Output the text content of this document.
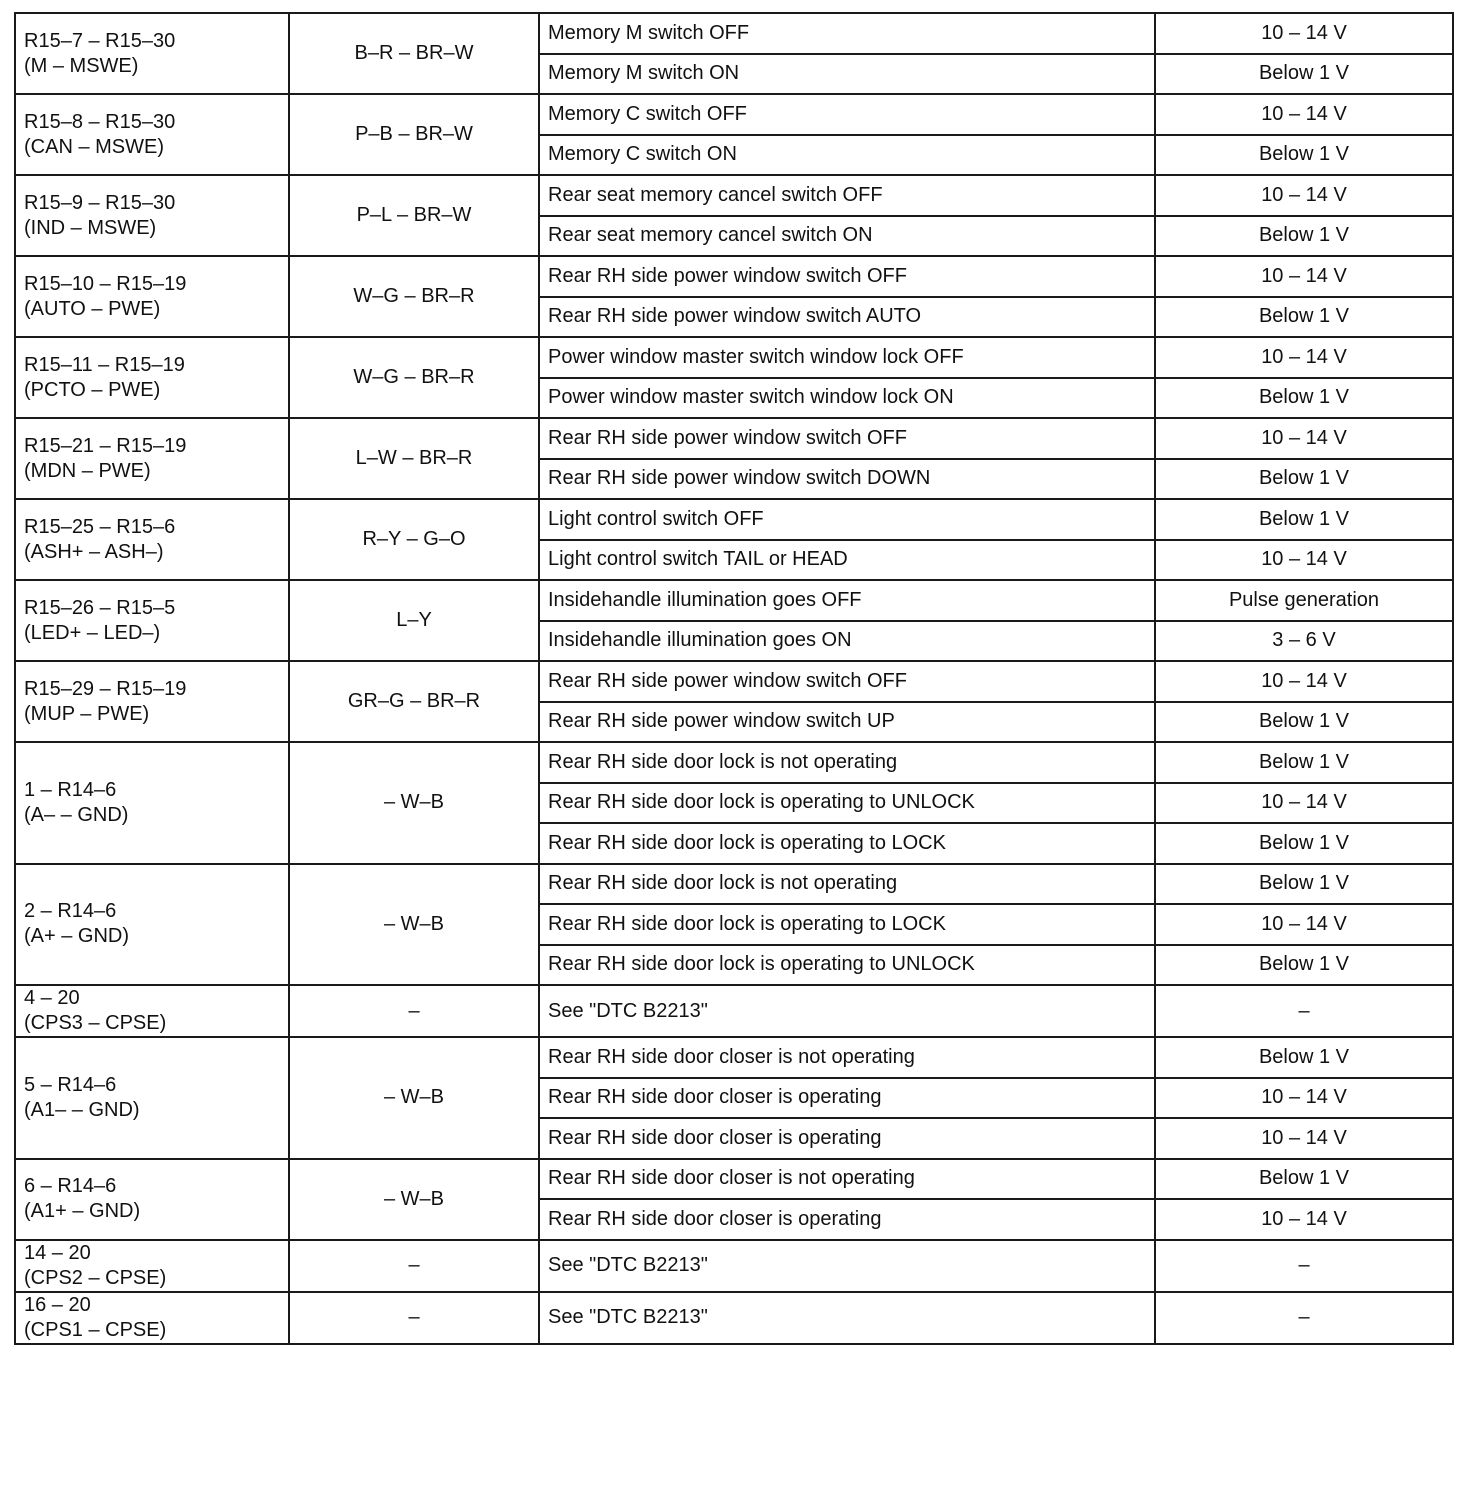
R15–7 – R15–30
(M – MSWE)	B–R – BR–W	Memory M switch OFF	10 – 14 V
		Memory M switch ON	Below 1 V

R15–8 – R15–30
(CAN – MSWE)	P–B – BR–W	Memory C switch OFF	10 – 14 V
		Memory C switch ON	Below 1 V

R15–9 – R15–30
(IND – MSWE)	P–L – BR–W	Rear seat memory cancel switch OFF	10 – 14 V
		Rear seat memory cancel switch ON	Below 1 V

R15–10 – R15–19
(AUTO – PWE)	W–G – BR–R	Rear RH side power window switch OFF	10 – 14 V
		Rear RH side power window switch AUTO	Below 1 V

R15–11 – R15–19
(PCTO – PWE)	W–G – BR–R	Power window master switch window lock OFF	10 – 14 V
		Power window master switch window lock ON	Below 1 V

R15–21 – R15–19
(MDN – PWE)	L–W – BR–R	Rear RH side power window switch OFF	10 – 14 V
		Rear RH side power window switch DOWN	Below 1 V

R15–25 – R15–6
(ASH+ – ASH–)	R–Y – G–O	Light control switch OFF	Below 1 V
		Light control switch TAIL or HEAD	10 – 14 V

R15–26 – R15–5
(LED+ – LED–)	L–Y	Insidehandle illumination goes OFF	Pulse generation
		Insidehandle illumination goes ON	3 – 6 V

R15–29 – R15–19
(MUP – PWE)	GR–G – BR–R	Rear RH side power window switch OFF	10 – 14 V
		Rear RH side power window switch UP	Below 1 V

1 – R14–6
(A– – GND)	– W–B	Rear RH side door lock is not operating	Below 1 V
		Rear RH side door lock is operating to UNLOCK	10 – 14 V
		Rear RH side door lock is operating to LOCK	Below 1 V

2 – R14–6
(A+ – GND)	– W–B	Rear RH side door lock is not operating	Below 1 V
		Rear RH side door lock is operating to LOCK	10 – 14 V
		Rear RH side door lock is operating to UNLOCK	Below 1 V

4 – 20
(CPS3 – CPSE)	–	See "DTC B2213"	–

5 – R14–6
(A1– – GND)	– W–B	Rear RH side door closer is not operating	Below 1 V
		Rear RH side door closer is operating	10 – 14 V
		Rear RH side door closer is operating	10 – 14 V

6 – R14–6
(A1+ – GND)	– W–B	Rear RH side door closer is not operating	Below 1 V
		Rear RH side door closer is operating	10 – 14 V

14 – 20
(CPS2 – CPSE)	–	See "DTC B2213"	–

16 – 20
(CPS1 – CPSE)	–	See "DTC B2213"	–
